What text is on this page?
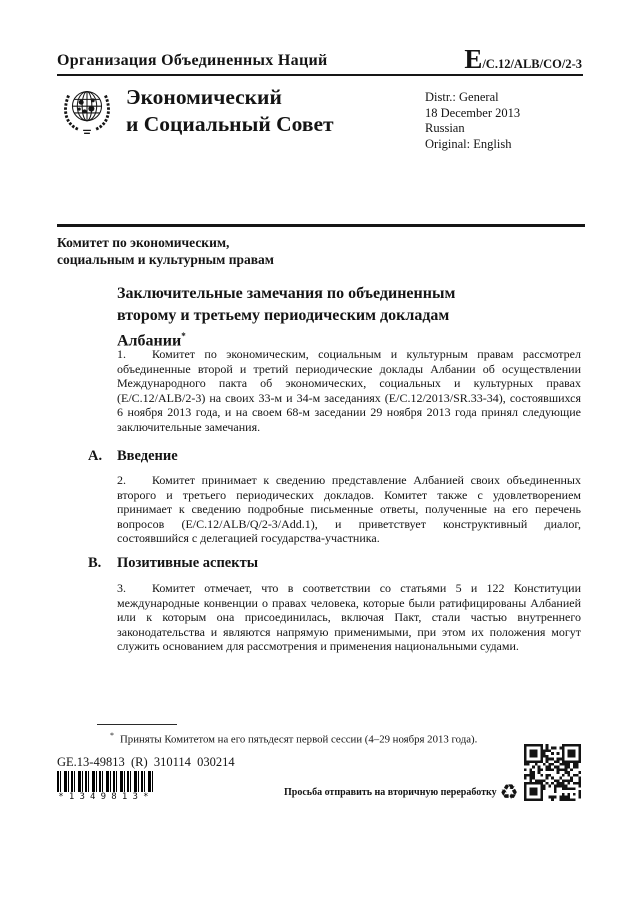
Организация Объединенных Наций	E/C.12/ALB/CO/2-3
Экономический
и Социальный Совет
Distr.: General
18 December 2013
Russian
Original: English
Комитет по экономическим,
социальным и культурным правам
Заключительные замечания по объединенным
второму и третьему периодическим докладам
Албании*
1. Комитет по экономическим, социальным и культурным правам рассмотрел объединенные второй и третий периодические доклады Албании об осуществлении Международного пакта об экономических, социальных и культурных правах (E/C.12/ALB/2-3) на своих 33-м и 34-м заседаниях (E/C.12/2013/SR.33-34), состоявшихся 6 ноября 2013 года, и на своем 68-м заседании 29 ноября 2013 года принял следующие заключительные замечания.
A. Введение
2. Комитет принимает к сведению представление Албанией своих объединенных второго и третьего периодических докладов. Комитет также с удовлетворением принимает к сведению подробные письменные ответы, полученные на его перечень вопросов (E/C.12/ALB/Q/2-3/Add.1), и приветствует конструктивный диалог, состоявшийся с делегацией государства-участника.
B. Позитивные аспекты
3. Комитет отмечает, что в соответствии со статьями 5 и 122 Конституции международные конвенции о правах человека, которые были ратифицированы Албанией или к которым она присоединилась, включая Пакт, стали частью внутреннего законодательства и являются напрямую применимыми, при этом их положения могут служить основанием для рассмотрения и применения национальными судами.
* Приняты Комитетом на его пятьдесят первой сессии (4–29 ноября 2013 года).
GE.13-49813  (R)  310114  030214
*1349813*	Просьба отправить на вторичную переработку ♻
